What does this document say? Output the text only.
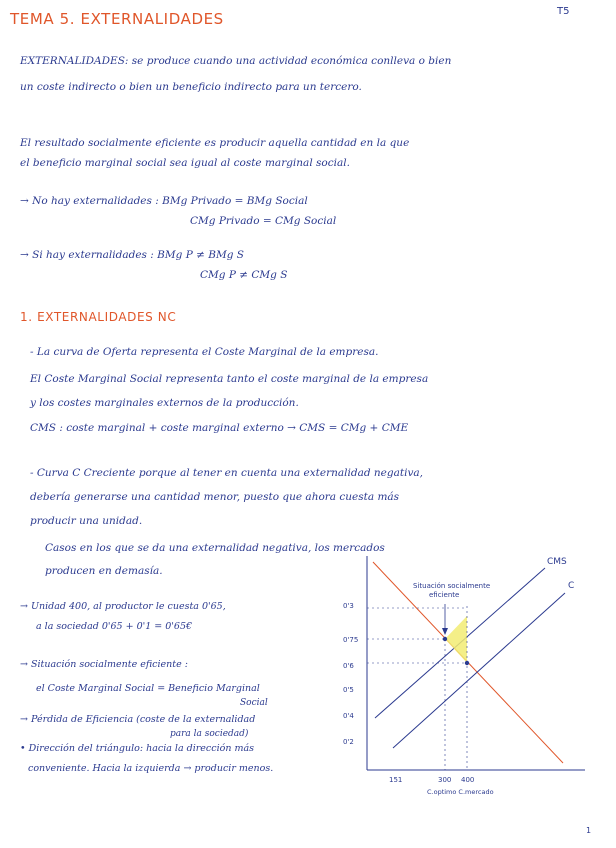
TEMA 5. EXTERNALIDADES	T5
EXTERNALIDADES: se produce cuando una actividad económica conlleva o bien
un coste indirecto o bien un beneficio indirecto para un tercero.
El resultado socialmente eficiente es producir aquella cantidad en la que
el beneficio marginal social sea igual al coste marginal social.
→ No hay externalidades : BMg Privado = BMg Social
CMg Privado = CMg Social
→ Si hay externalidades : BMg P ≠ BMg S
CMg P ≠ CMg S
1. EXTERNALIDADES NC
- La curva de Oferta representa el Coste Marginal de la empresa.
El Coste Marginal Social representa tanto el coste marginal de la empresa
y los costes marginales externos de la producción.
CMS : coste marginal + coste marginal externo → CMS = CMg + CME
- Curva C Creciente porque al tener en cuenta una externalidad negativa,
debería generarse una cantidad menor, puesto que ahora cuesta más
producir una unidad.
Casos en los que se da una externalidad negativa, los mercados
producen en demasía.
→ Unidad 400, al productor le cuesta 0'65,
a la sociedad 0'65 + 0'1 = 0'65€
→ Situación socialmente eficiente :
el Coste Marginal Social = Beneficio Marginal
Social
→ Pérdida de Eficiencia (coste de la externalidad
para la sociedad)
• Dirección del triángulo: hacia la dirección más
conveniente. Hacia la izquierda → producir menos.
Situación socialmente
eficiente
CMS
C
0'3
0'75
0'6
0'5
0'4
0'2
151	300 400
C.optimo C.mercado
1
